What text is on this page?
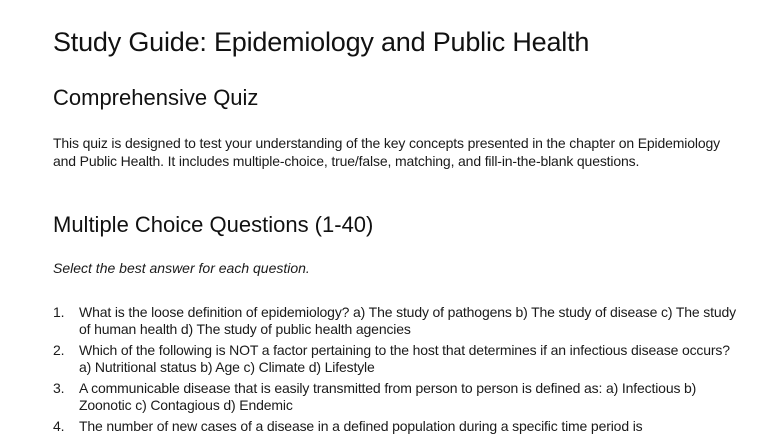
Study Guide: Epidemiology and Public Health
Comprehensive Quiz

This quiz is designed to test your understanding of the key concepts presented in the chapter on Epidemiology and Public Health. It includes multiple-choice, true/false, matching, and fill-in-the-blank questions.

Multiple Choice Questions (1-40)

Select the best answer for each question.

1. What is the loose definition of epidemiology? a) The study of pathogens b) The study of disease c) The study of human health d) The study of public health agencies
2. Which of the following is NOT a factor pertaining to the host that determines if an infectious disease occurs? a) Nutritional status b) Age c) Climate d) Lifestyle
3. A communicable disease that is easily transmitted from person to person is defined as: a) Infectious b) Zoonotic c) Contagious d) Endemic
4. The number of new cases of a disease in a defined population during a specific time period is
